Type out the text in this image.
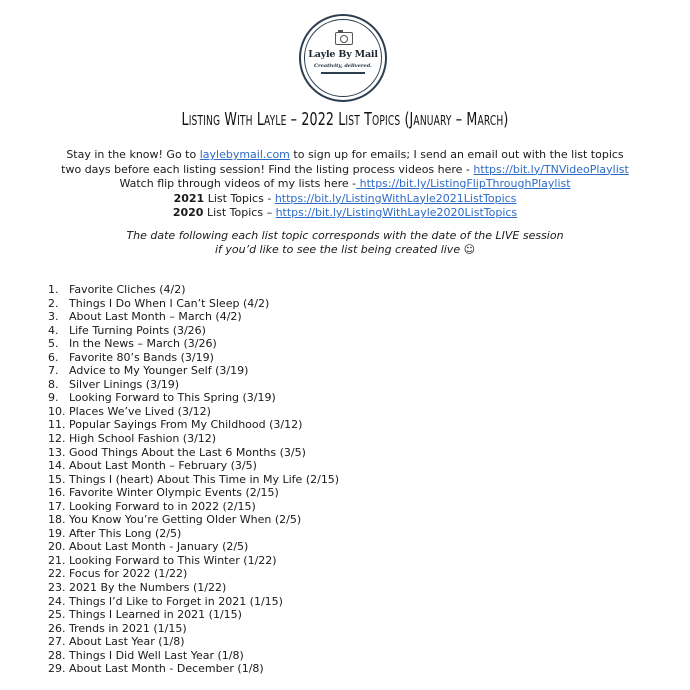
Layle By Mail
Creativity, delivered.
Listing With Layle – 2022 List Topics (January – March)
Stay in the know! Go to laylebymail.com to sign up for emails; I send an email out with the list topics
two days before each listing session! Find the listing process videos here - https://bit.ly/TNVideoPlaylist
Watch flip through videos of my lists here - https://bit.ly/ListingFlipThroughPlaylist
2021 List Topics - https://bit.ly/ListingWithLayle2021ListTopics
2020 List Topics – https://bit.ly/ListingWithLayle2020ListTopics
The date following each list topic corresponds with the date of the LIVE session
if you’d like to see the list being created live ☺
1. Favorite Cliches (4/2)
2. Things I Do When I Can’t Sleep (4/2)
3. About Last Month – March (4/2)
4. Life Turning Points (3/26)
5. In the News – March (3/26)
6. Favorite 80’s Bands (3/19)
7. Advice to My Younger Self (3/19)
8. Silver Linings (3/19)
9. Looking Forward to This Spring (3/19)
10. Places We’ve Lived (3/12)
11. Popular Sayings From My Childhood (3/12)
12. High School Fashion (3/12)
13. Good Things About the Last 6 Months (3/5)
14. About Last Month – February (3/5)
15. Things I (heart) About This Time in My Life (2/15)
16. Favorite Winter Olympic Events (2/15)
17. Looking Forward to in 2022 (2/15)
18. You Know You’re Getting Older When (2/5)
19. After This Long (2/5)
20. About Last Month - January (2/5)
21. Looking Forward to This Winter (1/22)
22. Focus for 2022 (1/22)
23. 2021 By the Numbers (1/22)
24. Things I’d Like to Forget in 2021 (1/15)
25. Things I Learned in 2021 (1/15)
26. Trends in 2021 (1/15)
27. About Last Year (1/8)
28. Things I Did Well Last Year (1/8)
29. About Last Month - December (1/8)
